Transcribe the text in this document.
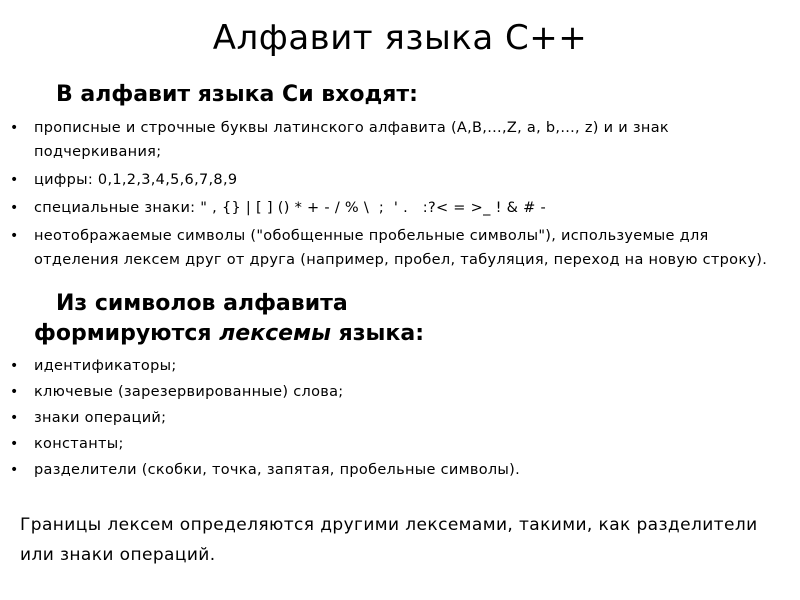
Алфавит языка С++
В алфавит языка Си входят:
• прописные и строчные буквы латинского алфавита (A,B,...,Z, a, b,..., z) и и знак подчеркивания;
• цифры: 0,1,2,3,4,5,6,7,8,9
• специальные знаки: " , {} | [ ] () * + - / % \  ;  ' .   :?< = >_ ! & # -
• неотображаемые символы ("обобщенные пробельные символы"), используемые для отделения лексем друг от друга (например, пробел, табуляция, переход на новую строку).
Из символов алфавита
формируются лексемы языка:
• идентификаторы;
• ключевые (зарезервированные) слова;
• знаки операций;
• константы;
• разделители (скобки, точка, запятая, пробельные символы).

Границы лексем определяются другими лексемами, такими, как разделители или знаки операций.
